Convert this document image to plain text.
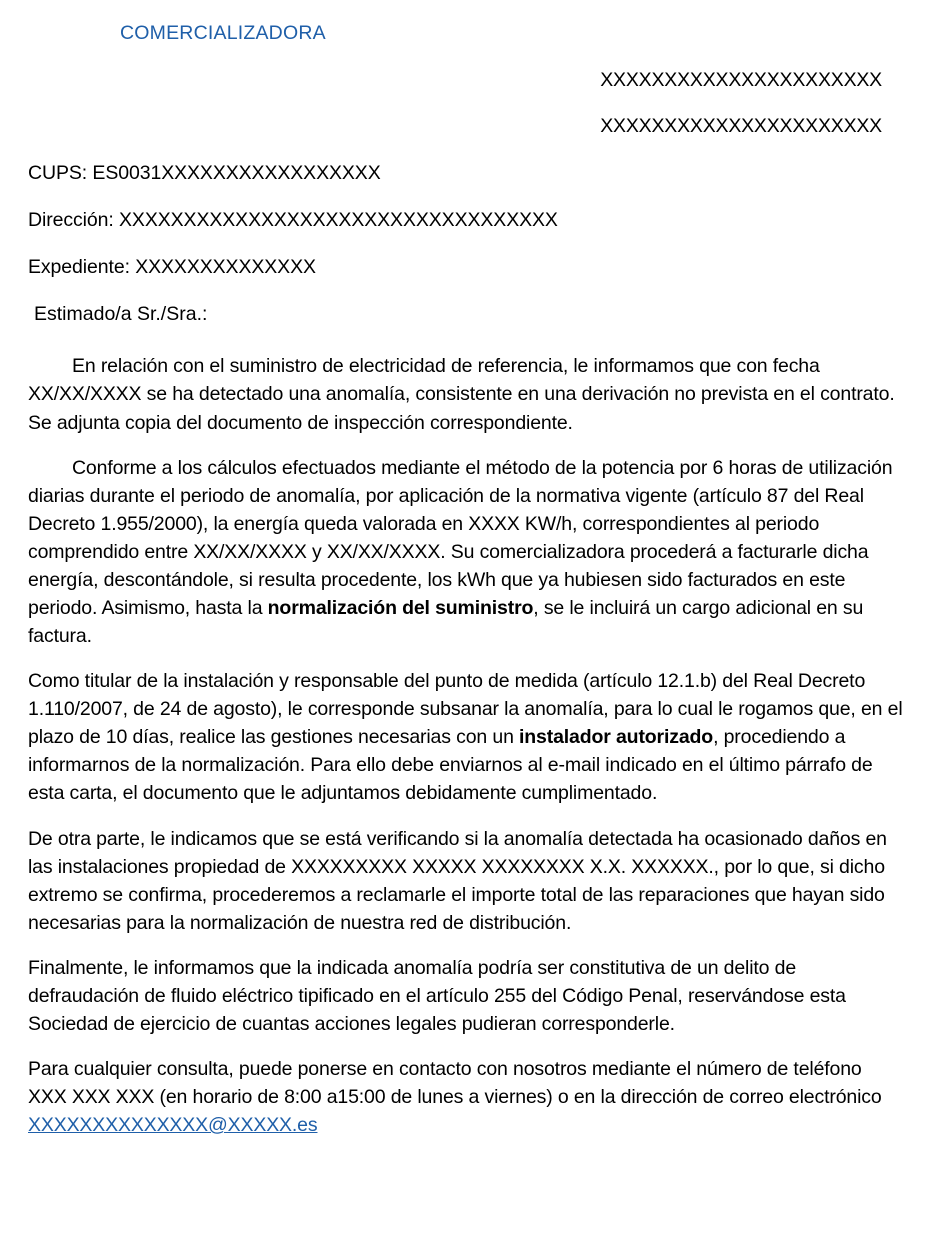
COMERCIALIZADORA
XXXXXXXXXXXXXXXXXXXXXX
XXXXXXXXXXXXXXXXXXXXXX
CUPS: ES0031XXXXXXXXXXXXXXXXX
Dirección: XXXXXXXXXXXXXXXXXXXXXXXXXXXXXXXXXX
Expediente: XXXXXXXXXXXXXX
Estimado/a Sr./Sra.:

En relación con el suministro de electricidad de referencia, le informamos que con fecha XX/XX/XXXX se ha detectado una anomalía, consistente en una derivación no prevista en el contrato. Se adjunta copia del documento de inspección correspondiente.

Conforme a los cálculos efectuados mediante el método de la potencia por 6 horas de utilización diarias durante el periodo de anomalía, por aplicación de la normativa vigente (artículo 87 del Real Decreto 1.955/2000), la energía queda valorada en XXXX KW/h, correspondientes al periodo comprendido entre XX/XX/XXXX y XX/XX/XXXX. Su comercializadora procederá a facturarle dicha energía, descontándole, si resulta procedente, los kWh que ya hubiesen sido facturados en este periodo. Asimismo, hasta la normalización del suministro, se le incluirá un cargo adicional en su factura.

Como titular de la instalación y responsable del punto de medida (artículo 12.1.b) del Real Decreto 1.110/2007, de 24 de agosto), le corresponde subsanar la anomalía, para lo cual le rogamos que, en el plazo de 10 días, realice las gestiones necesarias con un instalador autorizado, procediendo a informarnos de la normalización. Para ello debe enviarnos al e-mail indicado en el último párrafo de esta carta, el documento que le adjuntamos debidamente cumplimentado.

De otra parte, le indicamos que se está verificando si la anomalía detectada ha ocasionado daños en las instalaciones propiedad de XXXXXXXXX XXXXX XXXXXXXX X.X. XXXXXX., por lo que, si dicho extremo se confirma, procederemos a reclamarle el importe total de las reparaciones que hayan sido necesarias para la normalización de nuestra red de distribución.

Finalmente, le informamos que la indicada anomalía podría ser constitutiva de un delito de defraudación de fluido eléctrico tipificado en el artículo 255 del Código Penal, reservándose esta Sociedad de ejercicio de cuantas acciones legales pudieran corresponderle.

Para cualquier consulta, puede ponerse en contacto con nosotros mediante el número de teléfono XXX XXX XXX (en horario de 8:00 a15:00 de lunes a viernes) o en la dirección de correo electrónico XXXXXXXXXXXXXX@XXXXX.es
